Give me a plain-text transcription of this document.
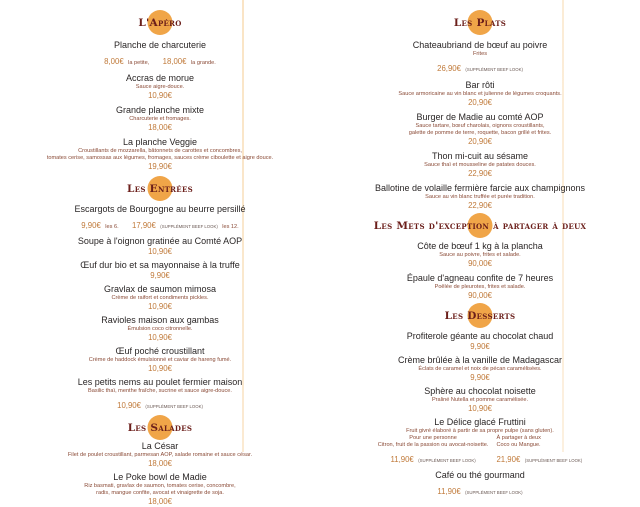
L'Apéro
Planche de charcuterie
8,00€ la petite, 18,00€ la grande.
Accras de morue
Sauce aigre-douce.
10,90€
Grande planche mixte
Charcuterie et fromages.
18,00€
La planche Veggie
Croustillants de mozzarella, bâtonnets de carottes et concombres,
tomates cerise, samossas aux légumes, fromages, sauces crème ciboulette et aigre douce.
19,90€
Les Entrées
Escargots de Bourgogne au beurre persillé
9,90€ les 6. 17,90€ (SUPPLÉMENT BEEF LOOK) les 12.
Soupe à l'oignon gratinée au Comté AOP
10,90€
Œuf dur bio et sa mayonnaise à la truffe
9,90€
Gravlax de saumon mimosa
Crème de raifort et condiments pickles.
10,90€
Ravioles maison aux gambas
Émulsion coco citronnelle.
10,90€
Œuf poché croustillant
Crème de haddock émulsionné et caviar de hareng fumé.
10,90€
Les petits nems au poulet fermier maison
Basilic thaï, menthe fraîche, sucrine et sauce aigre-douce.
10,90€ (SUPPLÉMENT BEEF LOOK)
Les Salades
La César
Filet de poulet croustillant, parmesan AOP, salade romaine et sauce césar.
18,00€
Le Poke bowl de Madie
Riz basmati, gravlax de saumon, tomates cerise, concombre,
radis, mangue confite, avocat et vinaigrette de soja.
18,00€
Les Plats
Chateaubriand de bœuf au poivre
Frites
26,90€ (SUPPLÉMENT BEEF LOOK)
Bar rôti
Sauce armoricaine au vin blanc et julienne de légumes croquants.
20,90€
Burger de Madie au comté AOP
Sauce tartare, bœuf charolais, oignons croustillants,
galette de pomme de terre, roquette, bacon grillé et frites.
20,90€
Thon mi-cuit au sésame
Sauce thaï et mousseline de patates douces.
22,90€
Ballotine de volaille fermière farcie aux champignons
Sauce au vin blanc truffée et purée tradition.
22,90€
Les Mets d'exception à partager à deux
Côte de bœuf 1 kg à la plancha
Sauce au poivre, frites et salade.
90,00€
Épaule d'agneau confite de 7 heures
Poêlée de pleurotes, frites et salade.
90,00€
Les Desserts
Profiterole géante au chocolat chaud
9,90€
Crème brûlée à la vanille de Madagascar
Éclats de caramel et noix de pécan caramélisées.
9,90€
Sphère au chocolat noisette
Praliné Nutella et pomme caramélisée.
10,90€
Le Délice glacé Fruttini
Fruit givré élaboré à partir de sa propre pulpe (sans gluten).
Pour une personne
Citron, fruit de la passion ou avocat-noisette.
11,90€ (SUPPLÉMENT BEEF LOOK)
À partager à deux
Coco ou Mangue.
21,90€ (SUPPLÉMENT BEEF LOOK)
Café ou thé gourmand
11,90€ (SUPPLÉMENT BEEF LOOK)
